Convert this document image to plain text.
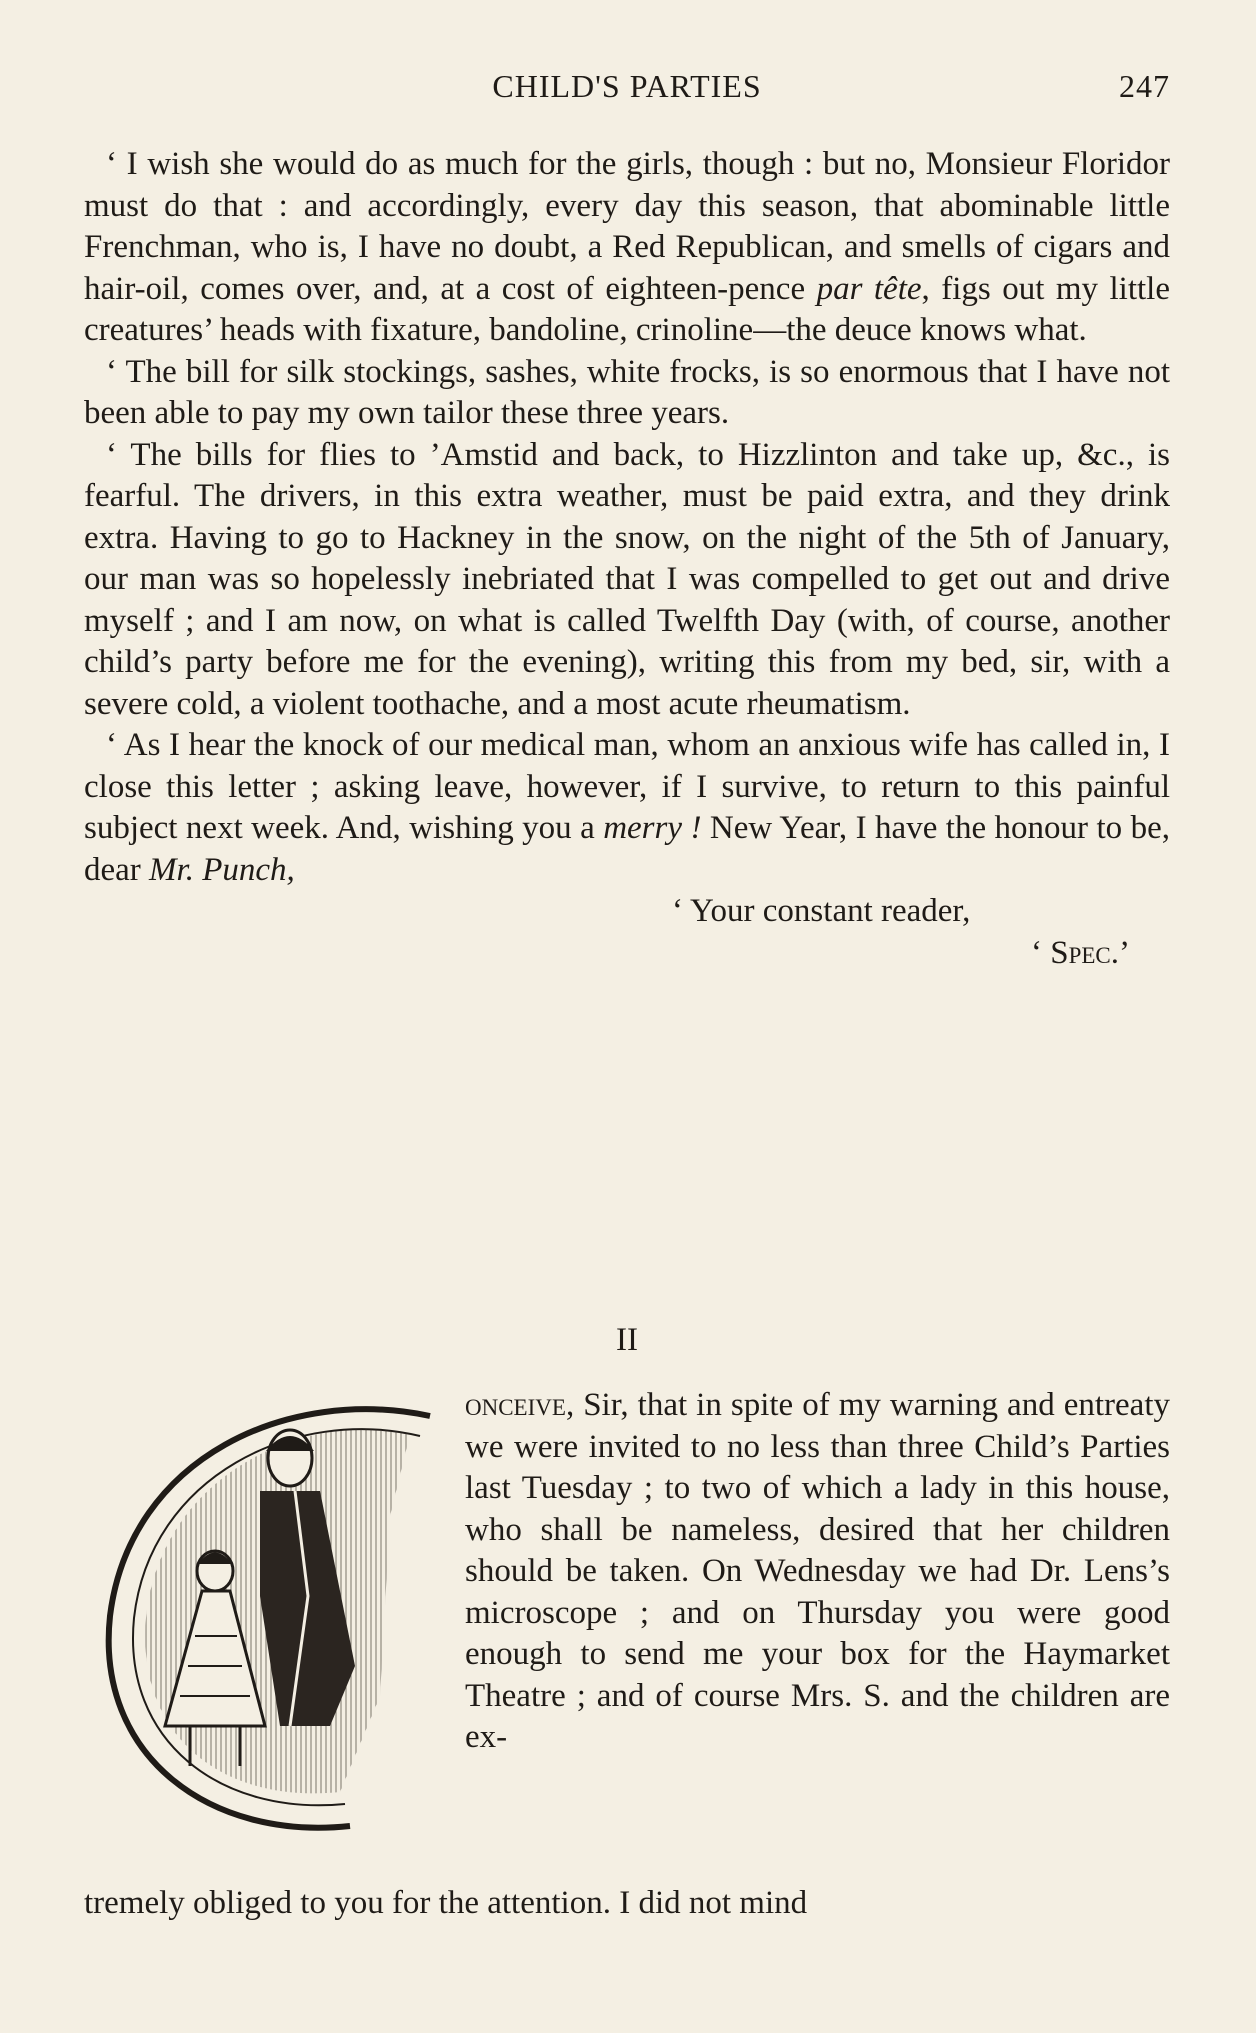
CHILD'S PARTIES	247

‘ I wish she would do as much for the girls, though : but no, Monsieur Floridor must do that : and accordingly, every day this season, that abominable little Frenchman, who is, I have no doubt, a Red Republican, and smells of cigars and hair-oil, comes over, and, at a cost of eighteen-pence par tête, figs out my little creatures’ heads with fixature, bandoline, crinoline—the deuce knows what.

‘ The bill for silk stockings, sashes, white frocks, is so enormous that I have not been able to pay my own tailor these three years.

‘ The bills for flies to ’Amstid and back, to Hizzlinton and take up, &c., is fearful. The drivers, in this extra weather, must be paid extra, and they drink extra. Having to go to Hackney in the snow, on the night of the 5th of January, our man was so hopelessly inebriated that I was compelled to get out and drive myself ; and I am now, on what is called Twelfth Day (with, of course, another child’s party before me for the evening), writing this from my bed, sir, with a severe cold, a violent toothache, and a most acute rheumatism.

‘ As I hear the knock of our medical man, whom an anxious wife has called in, I close this letter ; asking leave, however, if I survive, to return to this painful subject next week. And, wishing you a merry ! New Year, I have the honour to be, dear Mr. Punch,

‘ Your constant reader,

‘ Spec.’

II

onceive, Sir, that in spite of my warning and entreaty we were invited to no less than three Child’s Parties last Tuesday ; to two of which a lady in this house, who shall be nameless, desired that her children should be taken. On Wednesday we had Dr. Lens’s microscope ; and on Thursday you were good enough to send me your box for the Haymarket Theatre ; and of course Mrs. S. and the children are ex-

tremely obliged to you for the attention. I did not mind
